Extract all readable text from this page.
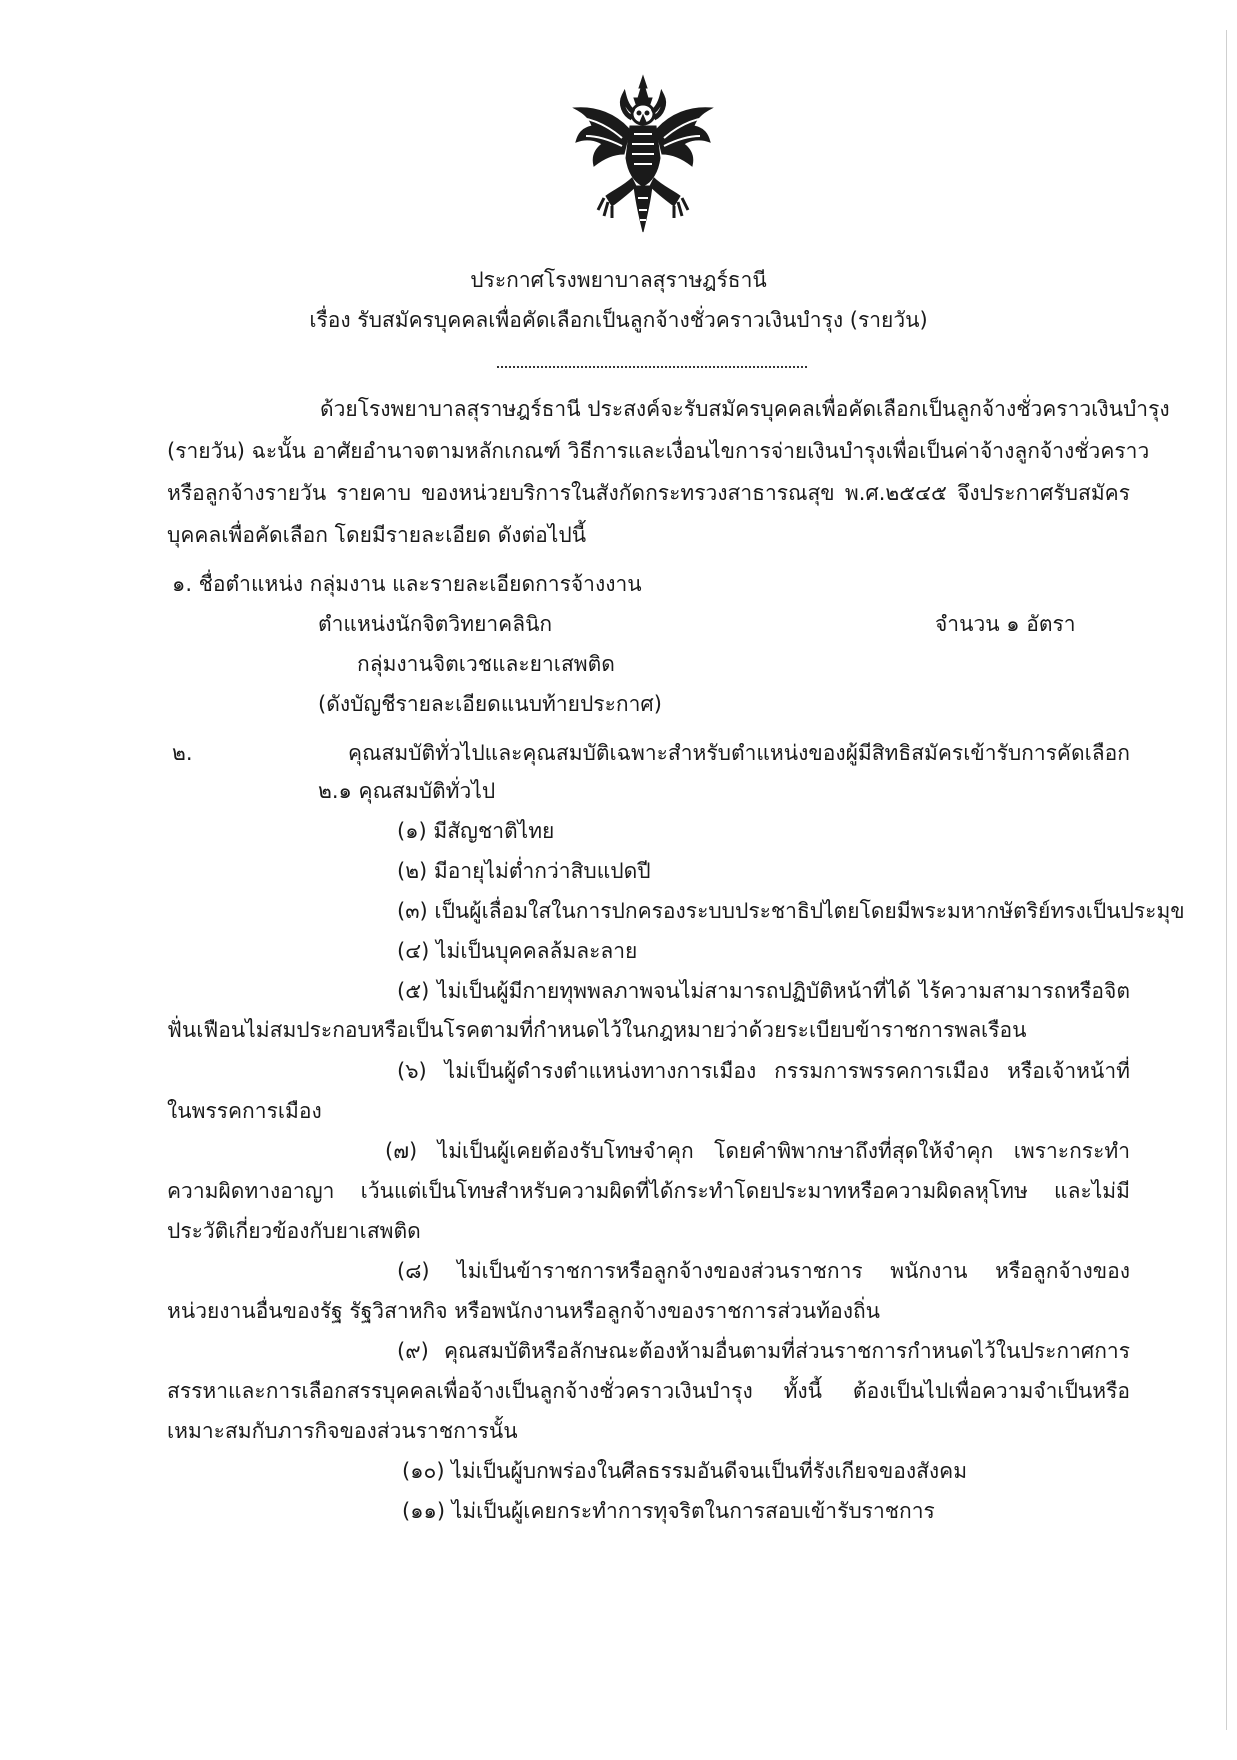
ประกาศโรงพยาบาลสุราษฎร์ธานี
เรื่อง รับสมัครบุคคลเพื่อคัดเลือกเป็นลูกจ้างชั่วคราวเงินบำรุง (รายวัน)
ด้วยโรงพยาบาลสุราษฎร์ธานี ประสงค์จะรับสมัครบุคคลเพื่อคัดเลือกเป็นลูกจ้างชั่วคราวเงินบำรุง
(รายวัน) ฉะนั้น อาศัยอำนาจตามหลักเกณฑ์ วิธีการและเงื่อนไขการจ่ายเงินบำรุงเพื่อเป็นค่าจ้างลูกจ้างชั่วคราว
หรือลูกจ้างรายวัน รายคาบ ของหน่วยบริการในสังกัดกระทรวงสาธารณสุข พ.ศ.๒๕๔๕ จึงประกาศรับสมัคร
บุคคลเพื่อคัดเลือก โดยมีรายละเอียด ดังต่อไปนี้
๑. ชื่อตำแหน่ง กลุ่มงาน และรายละเอียดการจ้างงาน
ตำแหน่งนักจิตวิทยาคลินิก	จำนวน ๑ อัตรา
กลุ่มงานจิตเวชและยาเสพติด
(ดังบัญชีรายละเอียดแนบท้ายประกาศ)
๒. คุณสมบัติทั่วไปและคุณสมบัติเฉพาะสำหรับตำแหน่งของผู้มีสิทธิสมัครเข้ารับการคัดเลือก
๒.๑ คุณสมบัติทั่วไป
(๑) มีสัญชาติไทย
(๒) มีอายุไม่ต่ำกว่าสิบแปดปี
(๓) เป็นผู้เลื่อมใสในการปกครองระบบประชาธิปไตยโดยมีพระมหากษัตริย์ทรงเป็นประมุข
(๔) ไม่เป็นบุคคลล้มละลาย
(๕) ไม่เป็นผู้มีกายทุพพลภาพจนไม่สามารถปฏิบัติหน้าที่ได้ ไร้ความสามารถหรือจิต
ฟั่นเฟือนไม่สมประกอบหรือเป็นโรคตามที่กำหนดไว้ในกฎหมายว่าด้วยระเบียบข้าราชการพลเรือน
(๖) ไม่เป็นผู้ดำรงตำแหน่งทางการเมือง กรรมการพรรคการเมือง หรือเจ้าหน้าที่
ในพรรคการเมือง
(๗) ไม่เป็นผู้เคยต้องรับโทษจำคุก โดยคำพิพากษาถึงที่สุดให้จำคุก เพราะกระทำ
ความผิดทางอาญา เว้นแต่เป็นโทษสำหรับความผิดที่ได้กระทำโดยประมาทหรือความผิดลหุโทษ และไม่มี
ประวัติเกี่ยวข้องกับยาเสพติด
(๘) ไม่เป็นข้าราชการหรือลูกจ้างของส่วนราชการ พนักงาน หรือลูกจ้างของ
หน่วยงานอื่นของรัฐ รัฐวิสาหกิจ หรือพนักงานหรือลูกจ้างของราชการส่วนท้องถิ่น
(๙) คุณสมบัติหรือลักษณะต้องห้ามอื่นตามที่ส่วนราชการกำหนดไว้ในประกาศการ
สรรหาและการเลือกสรรบุคคลเพื่อจ้างเป็นลูกจ้างชั่วคราวเงินบำรุง ทั้งนี้ ต้องเป็นไปเพื่อความจำเป็นหรือ
เหมาะสมกับภารกิจของส่วนราชการนั้น
(๑๐) ไม่เป็นผู้บกพร่องในศีลธรรมอันดีจนเป็นที่รังเกียจของสังคม
(๑๑) ไม่เป็นผู้เคยกระทำการทุจริตในการสอบเข้ารับราชการ
